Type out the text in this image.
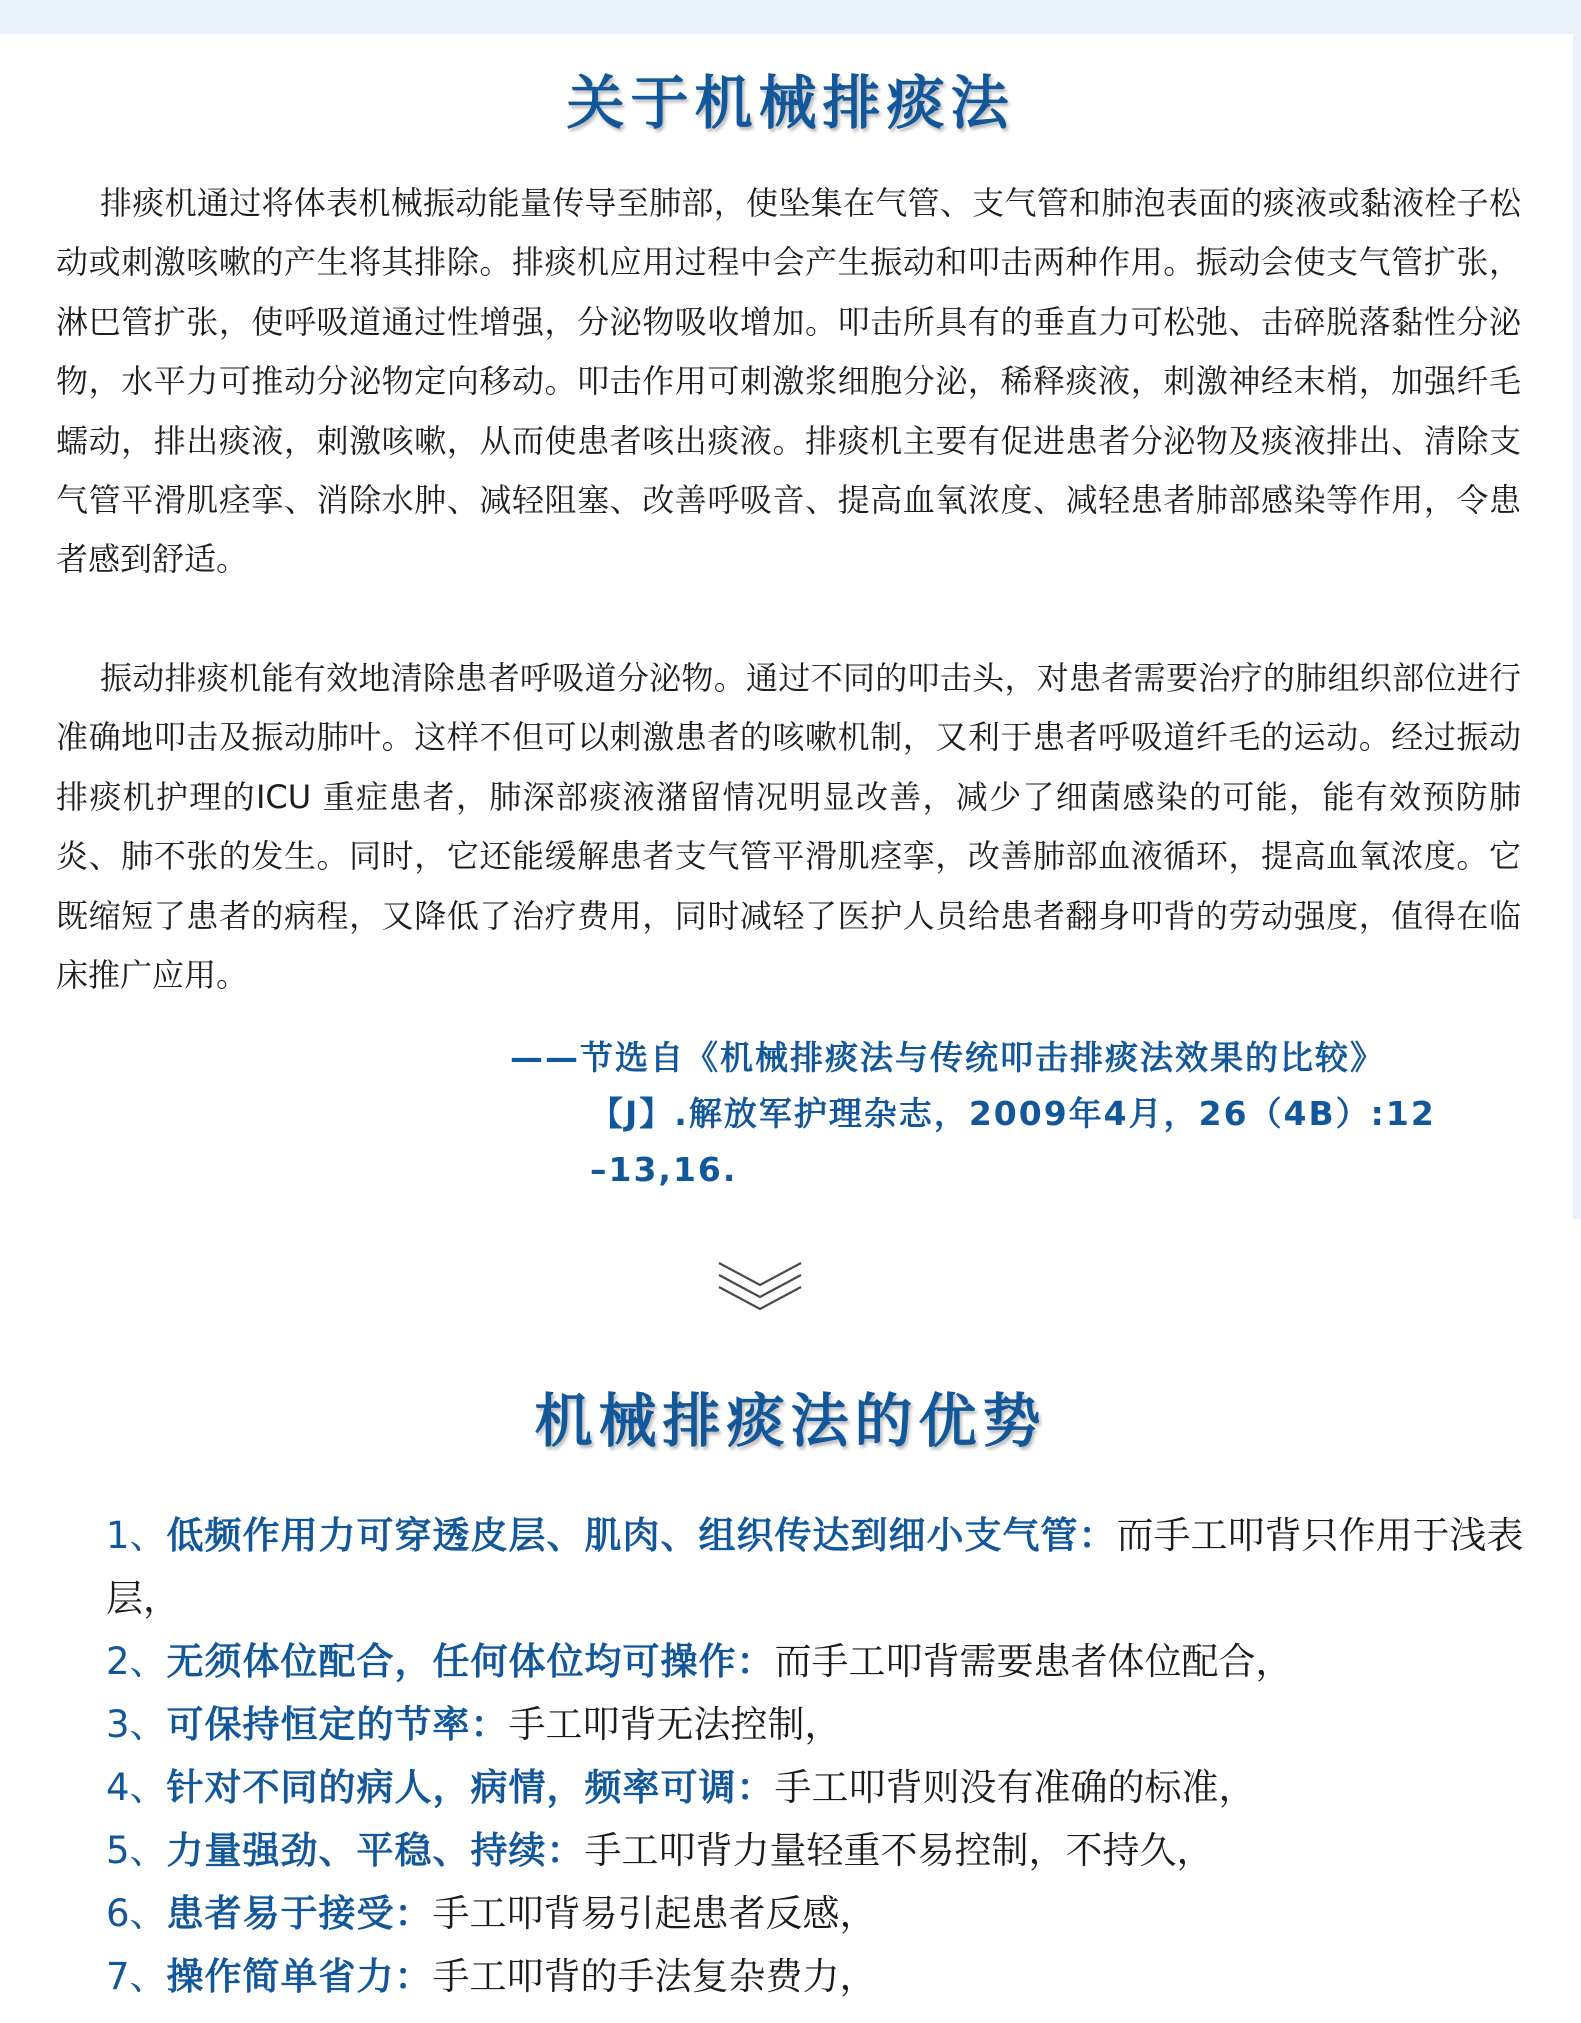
关于机械排痰法

排痰机通过将体表机械振动能量传导至肺部，使坠集在气管、支气管和肺泡表面的痰液或黏液栓子松动或刺激咳嗽的产生将其排除。排痰机应用过程中会产生振动和叩击两种作用。振动会使支气管扩张，淋巴管扩张，使呼吸道通过性增强，分泌物吸收增加。叩击所具有的垂直力可松弛、击碎脱落黏性分泌物，水平力可推动分泌物定向移动。叩击作用可刺激浆细胞分泌，稀释痰液，刺激神经末梢，加强纤毛蠕动，排出痰液，刺激咳嗽，从而使患者咳出痰液。排痰机主要有促进患者分泌物及痰液排出、清除支气管平滑肌痉挛、消除水肿、减轻阻塞、改善呼吸音、提高血氧浓度、减轻患者肺部感染等作用，令患者感到舒适。

振动排痰机能有效地清除患者呼吸道分泌物。通过不同的叩击头，对患者需要治疗的肺组织部位进行准确地叩击及振动肺叶。这样不但可以刺激患者的咳嗽机制，又利于患者呼吸道纤毛的运动。经过振动排痰机护理的ICU 重症患者，肺深部痰液潴留情况明显改善，减少了细菌感染的可能，能有效预防肺炎、肺不张的发生。同时，它还能缓解患者支气管平滑肌痉挛，改善肺部血液循环，提高血氧浓度。它既缩短了患者的病程，又降低了治疗费用，同时减轻了医护人员给患者翻身叩背的劳动强度，值得在临床推广应用。

——节选自《机械排痰法与传统叩击排痰法效果的比较》
【J】.解放军护理杂志，2009年4月，26（4B）:12
–13,16.
机械排痰法的优势
1、低频作用力可穿透皮层、肌肉、组织传达到细小支气管：而手工叩背只作用于浅表层，
2、无须体位配合，任何体位均可操作：而手工叩背需要患者体位配合，
3、可保持恒定的节率：手工叩背无法控制，
4、针对不同的病人，病情，频率可调：手工叩背则没有准确的标准，
5、力量强劲、平稳、持续：手工叩背力量轻重不易控制，不持久，
6、患者易于接受：手工叩背易引起患者反感，
7、操作简单省力：手工叩背的手法复杂费力，
